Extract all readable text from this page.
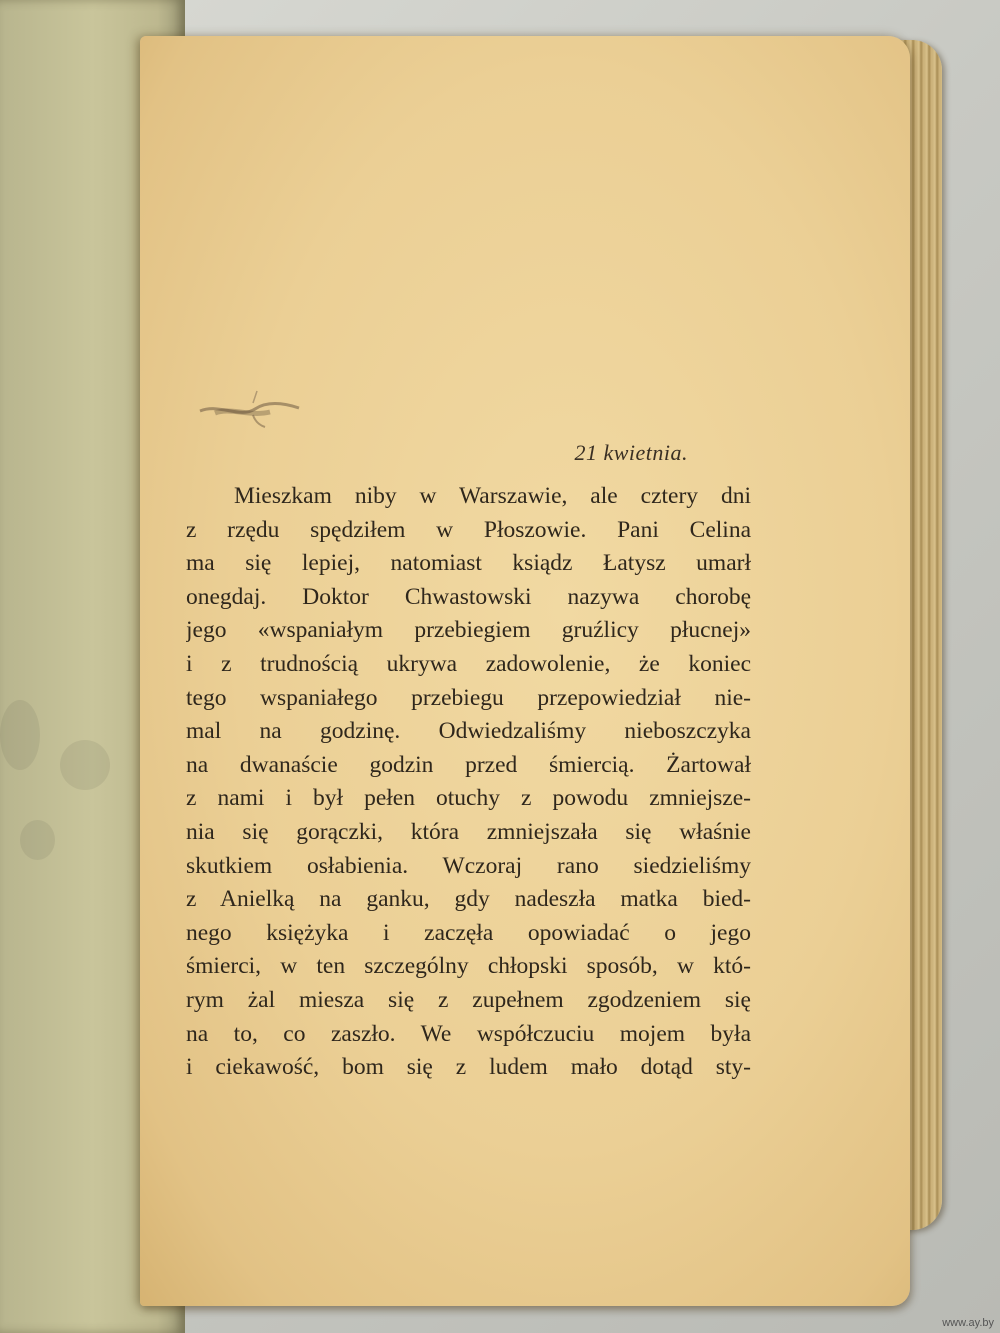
21 kwietnia.
Mieszkam niby w Warszawie, ale cztery dni
z rzędu spędziłem w Płoszowie. Pani Celina
ma się lepiej, natomiast ksiądz Łatysz umarł
onegdaj. Doktor Chwastowski nazywa chorobę
jego «wspaniałym przebiegiem gruźlicy płucnej»
i z trudnością ukrywa zadowolenie, że koniec
tego wspaniałego przebiegu przepowiedział nie-
mal na godzinę. Odwiedzaliśmy nieboszczyka
na dwanaście godzin przed śmiercią. Żartował
z nami i był pełen otuchy z powodu zmniejsze-
nia się gorączki, która zmniejszała się właśnie
skutkiem osłabienia. Wczoraj rano siedzieliśmy
z Anielką na ganku, gdy nadeszła matka bied-
nego księżyka i zaczęła opowiadać o jego
śmierci, w ten szczególny chłopski sposób, w któ-
rym żal miesza się z zupełnem zgodzeniem się
na to, co zaszło. We współczuciu mojem była
i ciekawość, bom się z ludem mało dotąd sty-
www.ay.by
